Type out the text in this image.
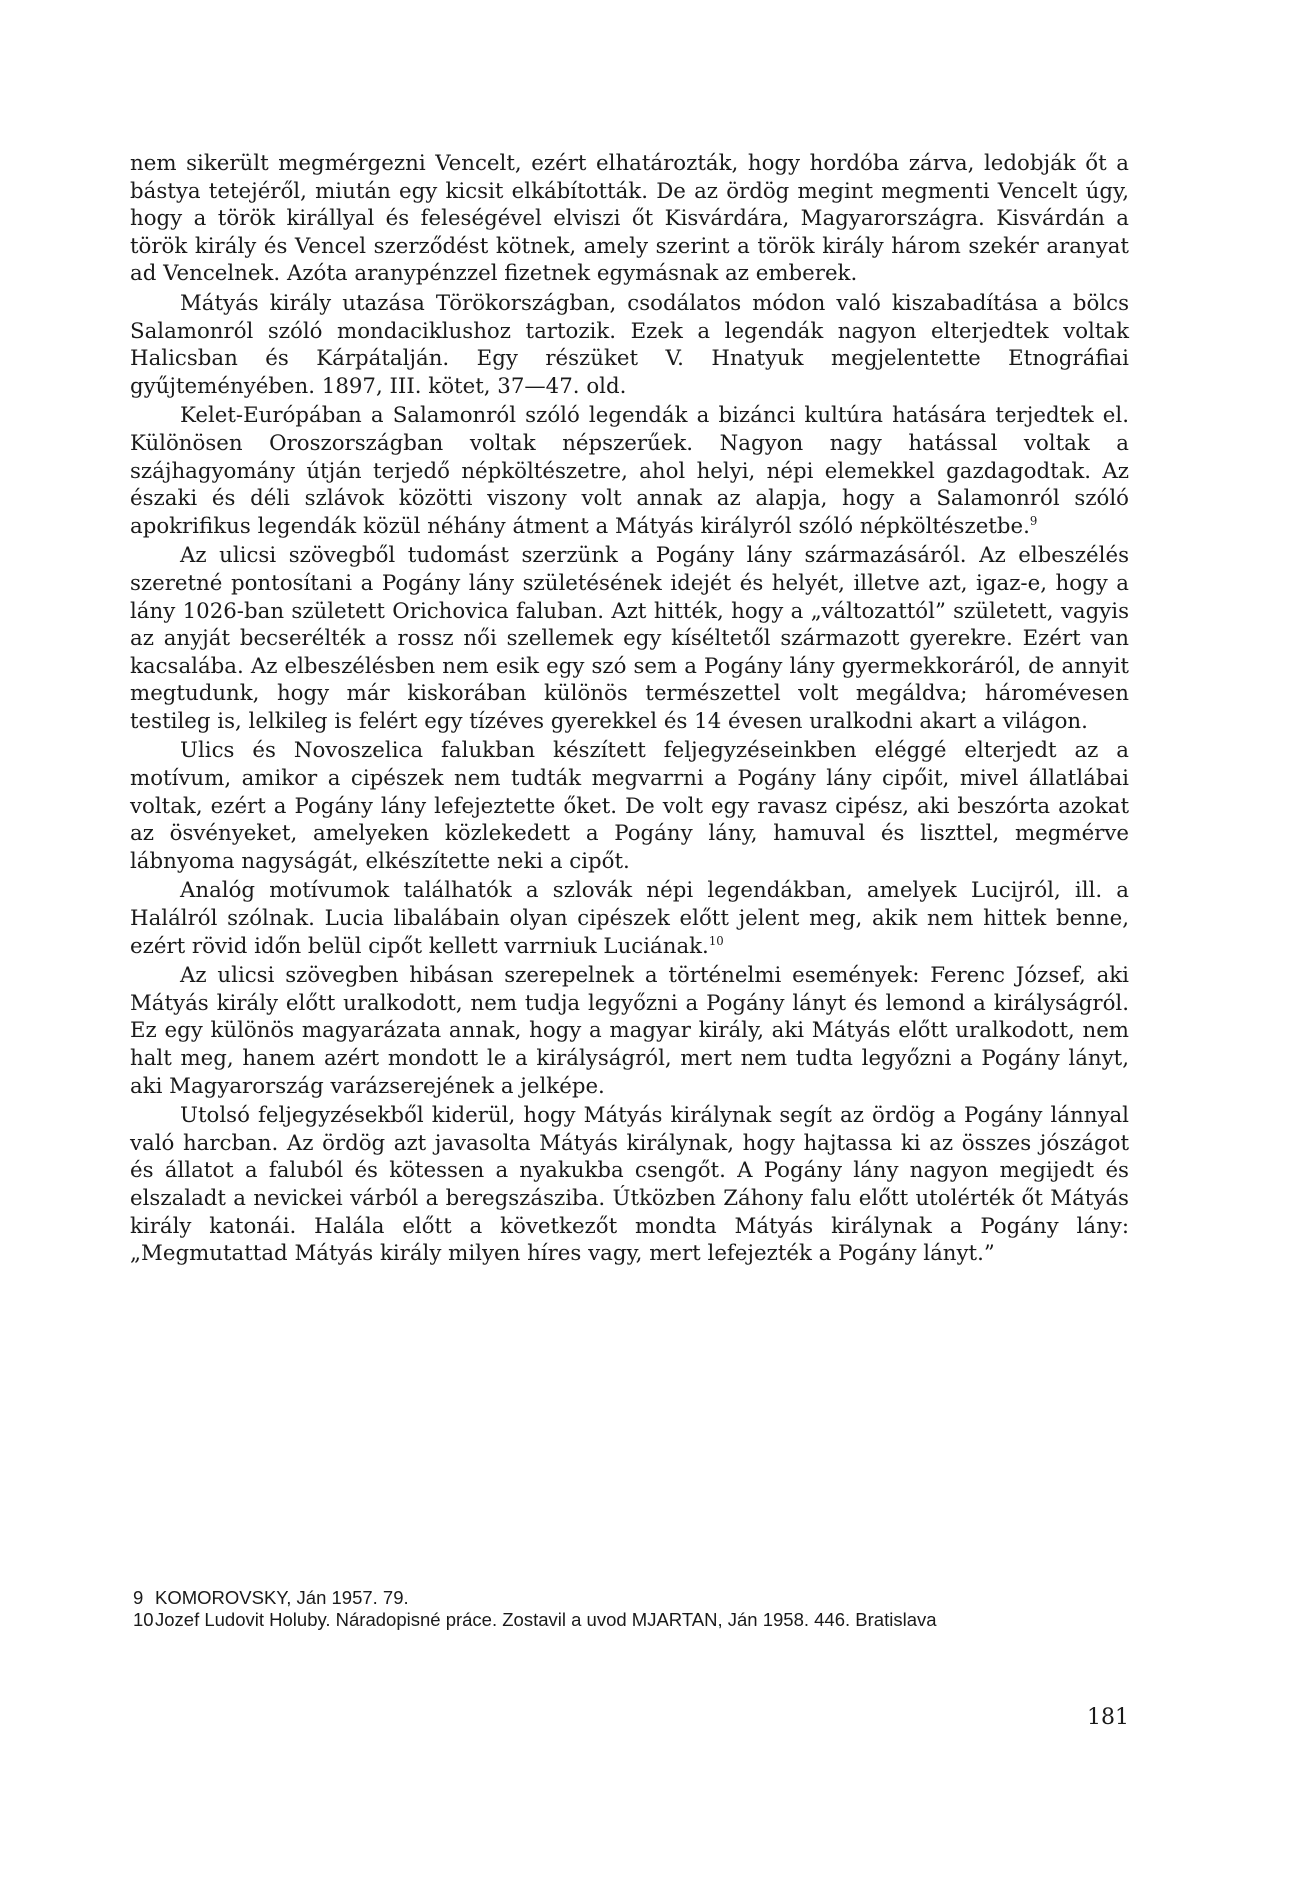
nem sikerült megmérgezni Vencelt, ezért elhatározták, hogy hordóba zárva, ledobják őt a bástya tetejéről, miután egy kicsit elkábították. De az ördög megint megmenti Vencelt úgy, hogy a török királlyal és feleségével elviszi őt Kisvárdára, Magyarországra. Kisvárdán a török király és Vencel szerződést kötnek, amely szerint a török király három szekér aranyat ad Vencelnek. Azóta aranypénzzel fizetnek egymásnak az emberek.

Mátyás király utazása Törökországban, csodálatos módon való kiszabadítása a bölcs Salamonról szóló mondaciklushoz tartozik. Ezek a legendák nagyon elterjedtek voltak Halicsban és Kárpátalján. Egy részüket V. Hnatyuk megjelentette Etnográfiai gyűjteményében. 1897, III. kötet, 37—47. old.

Kelet-Európában a Salamonról szóló legendák a bizánci kultúra hatására terjedtek el. Különösen Oroszországban voltak népszerűek. Nagyon nagy hatással voltak a szájhagyomány útján terjedő népköltészetre, ahol helyi, népi elemekkel gazdagodtak. Az északi és déli szlávok közötti viszony volt annak az alapja, hogy a Salamonról szóló apokrifikus legendák közül néhány átment a Mátyás királyról szóló népköltészetbe.$^9$

Az ulicsi szövegből tudomást szerzünk a Pogány lány származásáról. Az elbeszélés szeretné pontosítani a Pogány lány születésének idejét és helyét, illetve azt, igaz-e, hogy a lány 1026-ban született Orichovica faluban. Azt hitték, hogy a „változattól” született, vagyis az anyját becserélték a rossz női szellemek egy kíséltetől származott gyerekre. Ezért van kacsalába. Az elbeszélésben nem esik egy szó sem a Pogány lány gyermekkoráról, de annyit megtudunk, hogy már kiskorában különös természettel volt megáldva; háromévesen testileg is, lelkileg is felért egy tízéves gyerekkel és 14 évesen uralkodni akart a világon.

Ulics és Novoszelica falukban készített feljegyzéseinkben eléggé elterjedt az a motívum, amikor a cipészek nem tudták megvarrni a Pogány lány cipőit, mivel állatlábai voltak, ezért a Pogány lány lefejeztette őket. De volt egy ravasz cipész, aki beszórta azokat az ösvényeket, amelyeken közlekedett a Pogány lány, hamuval és liszttel, megmérve lábnyoma nagyságát, elkészítette neki a cipőt.

Analóg motívumok találhatók a szlovák népi legendákban, amelyek Lucijról, ill. a Halálról szólnak. Lucia libalábain olyan cipészek előtt jelent meg, akik nem hittek benne, ezért rövid időn belül cipőt kellett varrniuk Luciának.$^{10}$

Az ulicsi szövegben hibásan szerepelnek a történelmi események: Ferenc József, aki Mátyás király előtt uralkodott, nem tudja legyőzni a Pogány lányt és lemond a királyságról. Ez egy különös magyarázata annak, hogy a magyar király, aki Mátyás előtt uralkodott, nem halt meg, hanem azért mondott le a királyságról, mert nem tudta legyőzni a Pogány lányt, aki Magyarország varázserejének a jelképe.

Utolsó feljegyzésekből kiderül, hogy Mátyás királynak segít az ördög a Pogány lánnyal való harcban. Az ördög azt javasolta Mátyás királynak, hogy hajtassa ki az összes jószágot és állatot a faluból és kötessen a nyakukba csengőt. A Pogány lány nagyon megijedt és elszaladt a nevickei várból a beregszásziba. Útközben Záhony falu előtt utolérték őt Mátyás király katonái. Halála előtt a következőt mondta Mátyás királynak a Pogány lány: „Megmutattad Mátyás király milyen híres vagy, mert lefejezték a Pogány lányt.”

9 KOMOROVSKY, Ján 1957. 79.

10 Jozef Ludovit Holuby. Náradopisné práce. Zostavil a uvod MJARTAN, Ján 1958. 446. Bratislava

181
